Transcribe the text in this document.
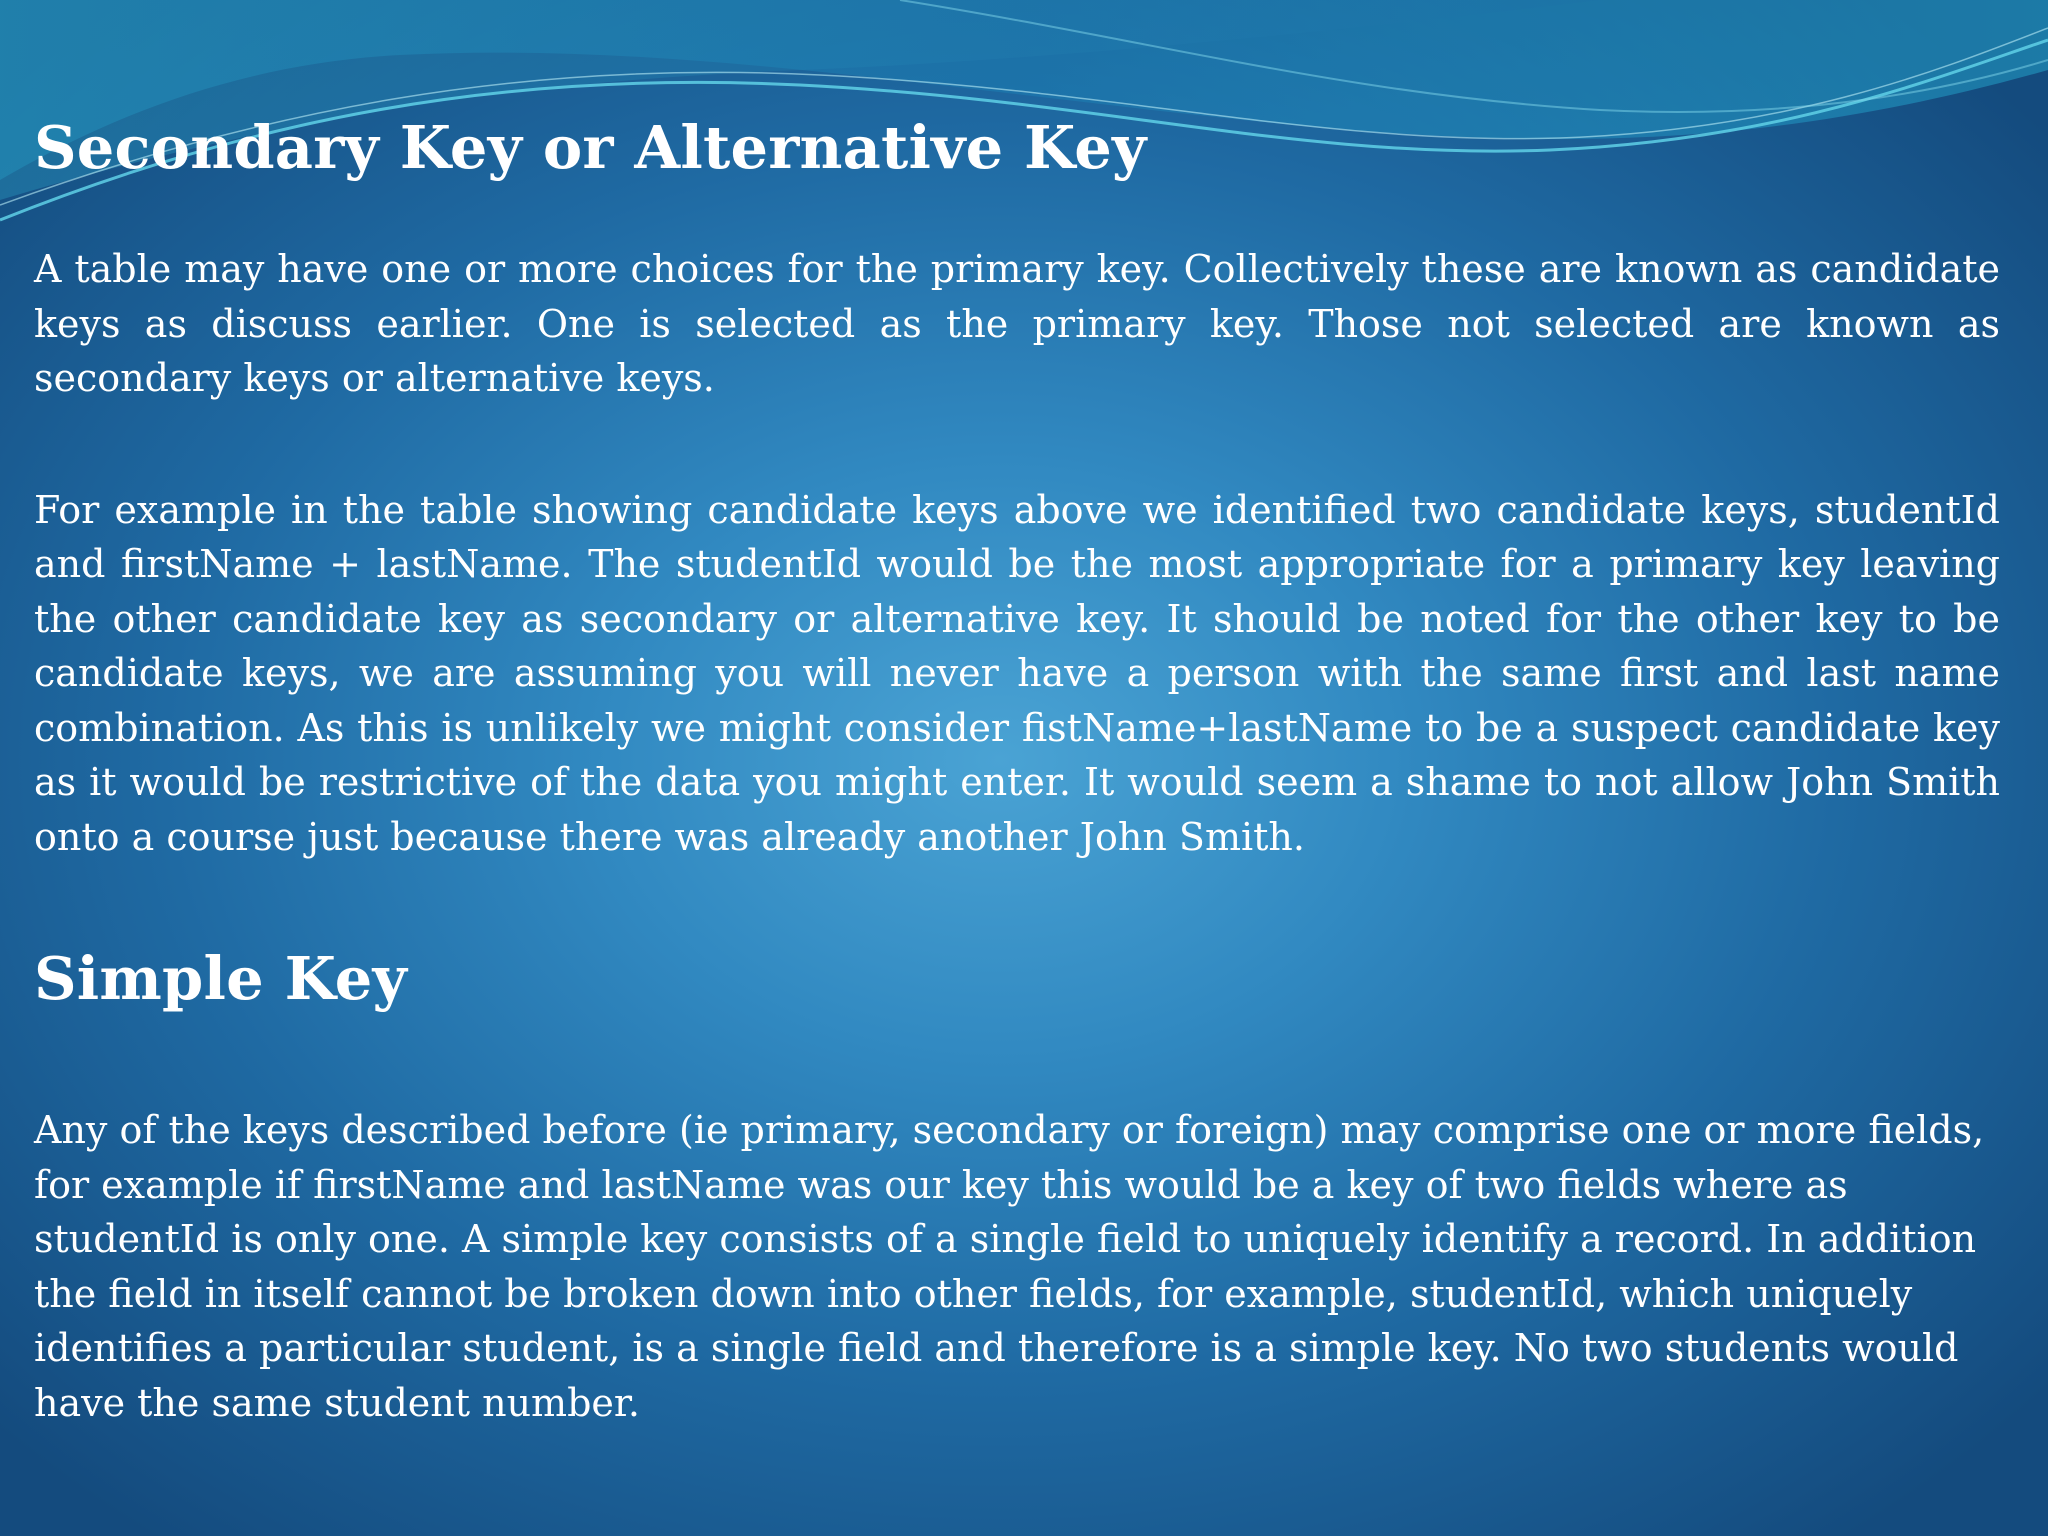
Secondary Key or Alternative Key

A table may have one or more choices for the primary key. Collectively these are known as candidate keys as discuss earlier. One is selected as the primary key. Those not selected are known as secondary keys or alternative keys.

For example in the table showing candidate keys above we identified two candidate keys, studentId and firstName + lastName. The studentId would be the most appropriate for a primary key leaving the other candidate key as secondary or alternative key. It should be noted for the other key to be candidate keys, we are assuming you will never have a person with the same first and last name combination. As this is unlikely we might consider fistName+lastName to be a suspect candidate key as it would be restrictive of the data you might enter. It would seem a shame to not allow John Smith onto a course just because there was already another John Smith.

Simple Key

Any of the keys described before (ie primary, secondary or foreign) may comprise one or more fields, for example if firstName and lastName was our key this would be a key of two fields where as studentId is only one. A simple key consists of a single field to uniquely identify a record. In addition the field in itself cannot be broken down into other fields, for example, studentId, which uniquely identifies a particular student, is a single field and therefore is a simple key. No two students would have the same student number.
